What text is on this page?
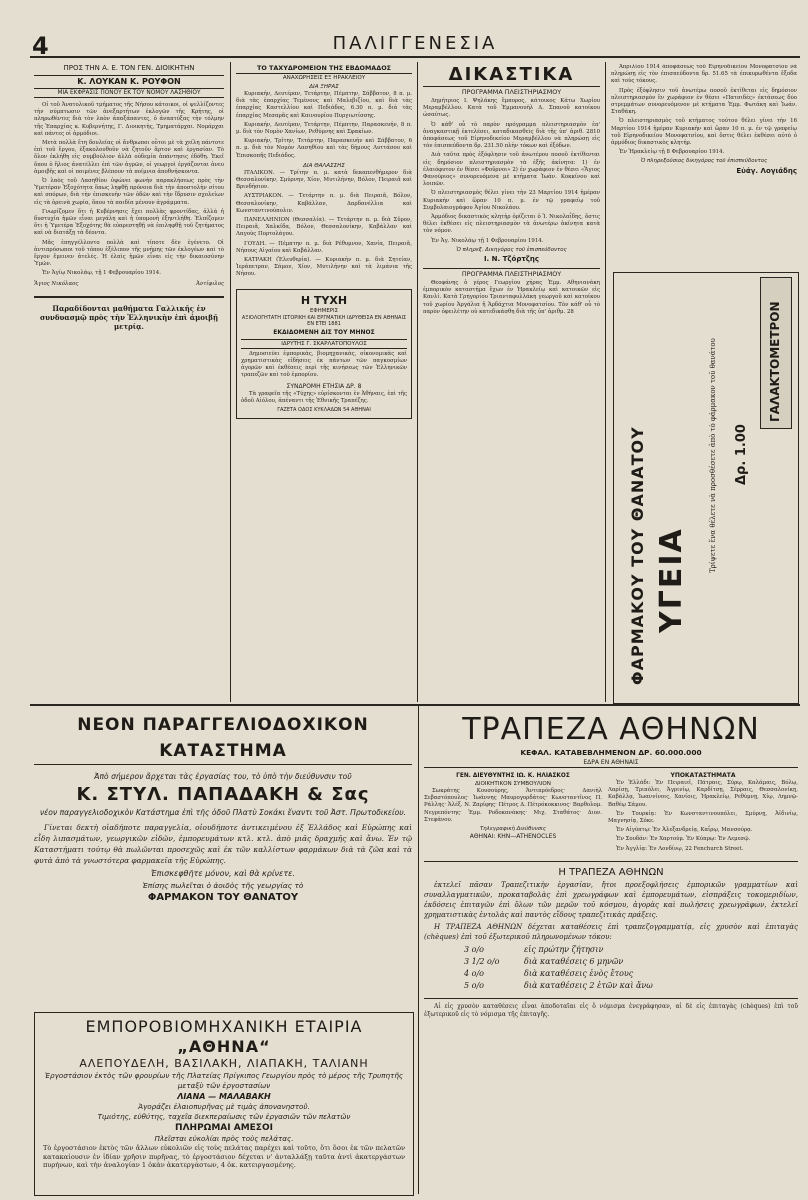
4	ΠΑΛΙΓΓΕΝΕΣΙΑ
ΠΡΟΣ ΤΗΝ Α. Ε. ΤΟΝ ΓΕΝ. ΔΙΟΙΚΗΤΗΝ
Κ. ΛΟΥΚΑΝ Κ. ΡΟΥΦΟΝ
ΜΙΑ ΕΚΦΡΑΣΙΣ ΠΟΝΟΥ ΕΚ ΤΟΥ ΝΟΜΟΥ ΛΑΣΗΘΙΟΥ

Οἱ τοῦ Ἀνατολικοῦ τμήματος τῆς Νήσου κάτοικοι, οἱ ψελλίζοντες τὴν σύμπτωσιν τῶν ἀνεξαρτήτων ἐκλογῶν τῆς Κρήτης, οἱ πληρωθέντες διὰ τὸν λαὸν ἀπαξάπαντες, ὁ ἀναπτύξας τὴν τόλμην τῆς Ἐπαρχίας κ. Κυβερνήτης, Γ. Διοικητὴς, Τμηματάρχαι. Νομάρχαι καὶ πάντες οἱ ἀρμόδιοι.

Μετὰ πολλὰ ἔτη δουλείας οἱ ἄνθρωποι οὗτοι μὲ τὰ χείλη πάντοτε ἐπὶ τοῦ ἔργου, ἐξακολουθοῦν νὰ ζητοῦν ἄρτον καὶ ἐργασίαν. Τὸ ὅλον ἐκλήθη εἰς συμβούλιον ἀλλὰ οὐδεμία ἀπάντησις ἐδόθη. Ἐκεῖ ὅπου ὁ ἥλιος ἀνατέλλει ἐπὶ τῶν ἀγρῶν, οἱ γεωργοὶ ἐργάζονται ἀνευ ἀμοιβῆς καὶ οἱ ποιμένες βλέπουν τὰ ποίμνια ἀποθνήσκοντα.

Ὁ λαὸς τοῦ Λασηθίου ὑψώνει φωνὴν παρακλήσεως πρὸς τὴν Ὑμετέραν Ἐξοχότητα ὅπως ληφθῇ πρόνοια διὰ τὴν ἀποστολὴν σίτου καὶ σπόρων, διὰ τὴν ἐπισκευὴν τῶν ὁδῶν καὶ τὴν ἵδρυσιν σχολείων εἰς τὰ ὀρεινὰ χωρία, ὅπου τὰ παιδία μένουν ἀγράμματα.

Γνωρίζομεν ὅτι ἡ Κυβέρνησις ἔχει πολλὰς φροντίδας, ἀλλὰ ἡ δυστυχία ἡμῶν εἶναι μεγάλη καὶ ἡ ὑπομονὴ ἐξηντλήθη. Ἐλπίζομεν ὅτι ἡ Ὑμετέρα Ἐξοχότης θὰ εὐαρεστηθῇ νὰ ἐπιληφθῇ τοῦ ζητήματος καὶ νὰ διατάξῃ τὰ δέοντα.

Μᾶς ἐπηγγέλλοντο πολλὰ καὶ τίποτε δὲν ἐγένετο. Οἱ ἀντιπρόσωποι τοῦ τόπου ἐξέλιπον τῆς μνήμης τῶν ἐκλογέων καὶ τὸ ἔργον ἔμεινεν ἀτελές. Ἡ ἐλπὶς ἡμῶν εἶναι εἰς τὴν δικαιοσύνην Ὑμῶν.

Ἐν Ἁγίῳ Νικολάῳ, τῇ 1 Φεβρουαρίου 1914.

Ἅγιος Νικόλαος	Ἀντίφιλος
Παραδίδονται μαθήματα Γαλλικῆς ἐν συνδυασμῷ πρὸς τὴν Ἑλληνικὴν ἐπὶ ἀμοιβῇ μετρίᾳ.
ΤΟ ΤΑΧΥΔΡΟΜΕΙΟΝ ΤΗΣ ΕΒΔΟΜΑΔΟΣ
ΑΝΑΧΩΡΗΣΕΙΣ ΕΞ ΗΡΑΚΛΕΙΟΥ
ΔΙΑ ΞΗΡΑΣ

Κυριακήν, Δευτέραν, Τετάρτην, Πέμπτην, Σάββατον, 8 π. μ. διὰ τὰς ἐπαρχίας Τεμένους καὶ Μαλεβιζίου, καὶ διὰ τὰς ἐπαρχίας Καστελλίου καὶ Πεδιάδος, 6.30 π. μ. διὰ τὰς ἐπαρχίας Μεσαρᾶς καὶ Καινουρίου Πυργιωτίσσης.

Κυριακήν, Δευτέραν, Τετάρτην, Πέμπτην, Παρασκευήν, 8 π. μ. διὰ τὸν Νομὸν Χανίων, Ρεθύμνης καὶ Σφακίων.

Κυριακήν, Τρίτην, Τετάρτην, Παρασκευήν καὶ Σάββατον, 6 π. μ. διὰ τὸν Νομὸν Λασηθίου καὶ τὰς δήμους Λυττάσου καὶ Ἐπισκοπῆς Πεδιάδος.

ΔΙΑ ΘΑΛΑΣΣΗΣ

ΙΤΑΛΙΚΟΝ. — Τρίτην π. μ. κατὰ δεκαπενθήμερον διὰ Θεσσαλονίκην, Σμύρνην, Χίον, Μυτιλήνην, Βόλον, Πειραιᾶ καὶ Βρινδήσιον.

ΑΥΣΤΡΙΑΚΟΝ. — Τετάρτην π. μ. διὰ Πειραιᾶ, Βόλον, Θεσσαλονίκην, Καβάλλαν, Δαρδανέλλια καὶ Κωνσταντινούπολιν.

ΠΑΝΕΛΛΗΝΙΟΝ (Θεσσαλία). — Τετάρτην π. μ. διὰ Σῦρον, Πειραιᾶ, Χαλκίδα, Βόλον, Θεσσαλονίκην, Καβάλλαν καὶ Λαγοὺς Πορτολάγου.

ΓΟΥΔΗ. — Πέμπτην π. μ. διὰ Ρέθυμνον, Χανία, Πειραιᾶ, Νήσους Αἰγαίου καὶ Καβάλλαν.

ΚΑΤΡΑΚΗ (Ἐλευθερία). — Κυριακὴν π. μ. διὰ Σητείαν, Ἱεράπετραν, Σάμον, Χίον, Μυτιλήνην καὶ τὰ λιμάνια τῆς Νήσου.

Η ΤΥΧΗ
ΕΦΗΜΕΡΙΣ
ΑΞΙΟΛΟΓΗΤΑΤΗ ΙΣΤΟΡΙΚΗ ΚΑΙ ΕΡΓΜΑΤΙΚΗ ΙΔΡΥΘΕΙΣΑ ΕΝ ΑΘΗΝΑΙΣ ΕΝ ΕΤΕΙ 1881
ΕΚΔΙΔΟΜΕΝΗ ΔΙΣ ΤΟΥ ΜΗΝΟΣ
ΙΔΡΥΤΗΣ Γ. ΣΚΑΡΛΑΤΟΠΟΥΛΟΣ

Δημοσιεύει ἐμπορικὰς, βιομηχανικὰς, οἰκονομικὰς καὶ χρηματιστικὰς εἰδήσεις ἐκ πάντων τῶν παγκοσμίων ἀγορῶν καὶ ἐκθέσεις περὶ τῆς κινήσεως τῶν Ἑλληνικῶν τραπεζῶν καὶ τοῦ ἐμπορίου.

ΣΥΝΔΡΟΜΗ ΕΤΗΣΙΑ ΔΡ. 8

Τὰ γραφεῖα τῆς «Τύχης» εὑρίσκονται ἐν Ἀθήναις, ἐπὶ τῆς ὁδοῦ Αἰόλου, ἀπέναντι τῆς Ἐθνικῆς Τραπέζης.

ΓΑΖΕΤΑ ΟΔΟΣ ΚΥΚΛΑΔΩΝ 54 ΑΘΗΝΑΙ
ΔΙΚΑΣΤΙΚΑ
ΠΡΟΓΡΑΜΜΑ ΠΛΕΙΣΤΗΡΙΑΣΜΟΥ

Δημήτριος Ι. Ψηλάκης ἔμπορος, κάτοικος Κάτω Χωρίου Μεραμβέλλου. Κατὰ τοῦ Ἐμμανουὴλ Δ. Σπανοῦ κατοίκου ὡσαύτως.

Ὁ κάθ' οὗ τὸ παρὸν πρόγραμμα πλειστηριασμὸν ἐπ' ἀναγκαστικῇ ἐκτελέσει, καταδικασθεὶς διὰ τῆς ὑπ' ἀριθ. 2810 ἀποφάσεως τοῦ Εἰρηνοδικείου Μεραμβέλλου νὰ πληρώσῃ εἰς τὸν ἐπισπεύδοντα δρ. 231.50 πλὴν τόκων καὶ ἐξόδων.

Διὰ ταῦτα πρὸς ἐξόφλησιν τοῦ ἀνωτέρου ποσοῦ ἐκτίθενται εἰς δημόσιον πλειστηριασμὸν τὰ ἑξῆς ἀκίνητα: 1) ἐν ἐλαιόφυτον ἐν θέσει «Φοῦρνοι» 2) ἐν χωράφιον ἐν θέσει «Ἅγιος Φανούριος» συνορευόμενα μὲ κτήματα Ἰωάν. Κοκκίνου καὶ λοιπῶν.

Ὁ πλειστηριασμὸς θέλει γίνει τὴν 23 Μαρτίου 1914 ἡμέραν Κυριακὴν καὶ ὥραν 10 π. μ. ἐν τῷ γραφείῳ τοῦ Συμβολαιογράφου Ἁγίου Νικολάου.

Ἀρμόδιος δικαστικὸς κλητὴρ ὁρίζεται ὁ Ἰ. Νικολαΐδης, ὅστις θέλει ἐκθέσει εἰς πλειστηριασμὸν τὰ ἀνωτέρω ἀκίνητα κατὰ τὸν νόμον.

Ἐν Ἁγ. Νικολάῳ τῇ 1 Φεβρουαρίου 1914.

Ὁ πληρεξ. Δικηγόρος τοῦ ἐπισπεύδοντος
Ι. Ν. Τζόρτζης
ΠΡΟΓΡΑΜΜΑ ΠΛΕΙΣΤΗΡΙΑΣΜΟΥ

Θεοφάνης ὁ γέρος Γεωργίου χήρας Ἐμμ. Αθηνιανάκη ἐμπορικὸν καταστήμα ἔχων ἐν Ἡρακλείῳ καὶ κατοικῶν εἰς Κανλί. Κατὰ Γρηγορίου Τριανταφυλλάκη γεωργοῦ καὶ κατοίκου τοῦ χωρίου Ἀργάλια ἢ Ἀρδάχτια Μονοφατσίου. Τὸν κάθ' οὗ τὸ παρὸν ὀφειλέτην οὐ κατεδικάσθη διὰ τῆς ὑπ' ἀριθμ. 28

Ἀπριλίου 1914 ἀποφάσεως τοῦ Εἰρηνοδικείου Μονοφατσίου νὰ πληρώσῃ εἰς τὸν ἐπισπεύδοντα δρ. 51.65 τὰ ἐπικυρωθέντα ἔξοδα καὶ τοὺς τόκους.

Πρὸς ἐξόφλησιν τοῦ ἀνωτέρω ποσοῦ ἐκτίθεται εἰς δημόσιον πλειστηριασμὸν ἓν χωράφιον ἐν θέσει «Πατσιδές» ἐκτάσεως δύο στρεμμάτων συνορευόμενον μὲ κτήματα Ἐμμ. Φωτάκη καὶ Ἰωάν. Σταθάκη.

Ὁ πλειστηριασμὸς τοῦ κτήματος τούτου θέλει γίνει τὴν 16 Μαρτίου 1914 ἡμέραν Κυριακὴν καὶ ὥραν 10 π. μ. ἐν τῷ γραφείῳ τοῦ Εἰρηνοδικείου Μονοφατσίου, καὶ ὅστις θέλει ἐκθέσει αὐτὸ ὁ ἀρμόδιος δικαστικὸς κλητήρ.

Ἐν Ἡρακλείῳ τῇ 8 Φεβρουαρίου 1914.

Ὁ πληρεξούσιος δικηγόρος τοῦ ἐπισπεύδοντος
Εὐάγ. Λογιάδης
ΦΑΡΜΑΚΟΥ ΤΟΥ ΘΑΝΑΤΟΥ ΥΓΕΙΑ
Τρίψετε ἕνα θέλετε νὰ προσθέσετε ἀπὸ τὸ φάρμακον τοῦ θανάτου Δρ. 1.00
ΓΑΛΑΚΤΟΜΕΤΡΟΝ
ΝΕΟΝ ΠΑΡΑΓΓΕΛΙΟΔΟΧΙΚΟΝ ΚΑΤΑΣΤΗΜΑ
Ἀπὸ σήμερον ἄρχεται τὰς ἐργασίας του, τὸ ὑπὸ τὴν διεύθυνσιν τοῦ
Κ. ΣΤΥΛ. ΠΑΠΑΔΑΚΗ & Σας
νέον παραγγελιοδοχικὸν Κατάστημα ἐπὶ τῆς ὁδοῦ Πλατὺ Σοκάκι ἔναντι τοῦ Ἀστ. Πρωτοδικείου.

Γίνεται δεκτὴ οἱαδήποτε παραγγελία, οἰουδήποτε ἀντικειμένου ἐξ Ἑλλάδος καὶ Εὐρώπης καὶ εἶδη λιπασμάτων, γεωργικῶν εἰδῶν, ἐμπορευμάτων κτλ. κτλ. ἀπὸ μιᾶς δραχμῆς καὶ ἄνω. Ἐν τῷ Καταστήματι τούτῳ θὰ πωλῶνται προσεχῶς καὶ ἐκ τῶν καλλίστων φαρμάκων διὰ τὰ ζῶα καὶ τὰ φυτὰ ἀπὸ τὰ γνωστότερα φαρμακεῖα τῆς Εὐρώπης.

Ἐπισκεφθῆτε μόνον, καὶ θὰ κρίνετε.
Ἐπίσης πωλεῖται ὁ ἀοιδὸς τῆς γεωργίας τὸ
ΦΑΡΜΑΚΟΝ ΤΟΥ ΘΑΝΑΤΟΥ
ΕΜΠΟΡΟΒΙΟΜΗΧΑΝΙΚΗ ΕΤΑΙΡΙΑ
„ΑΘΗΝΑ“
ΑΛΕΠΟΥΔΕΛΗ, ΒΑΣΙΛΑΚΗ, ΛΙΑΠΑΚΗ, ΤΑΛΙΑΝΗ
Ἐργοστάσιον ἐκτὸς τῶν φρουρίων τῆς Πλατείας Πρίγκιπος Γεωργίου πρὸς τὸ μέρος τῆς Τρυπητῆς μεταξὺ τῶν ἐργοστασίων
ΛΙΑΝΑ — ΜΑΛΑΒΑΚΗ
Ἀγοράζει ἐλαιοπυρῆνας μὲ τιμὰς ἀπονανηστοῦ.
Τιμιότης, εὐθύτης, ταχεῖα διεκπεραίωσις τῶν ἐργασιῶν τῶν πελατῶν
ΠΛΗΡΩΜΑΙ ΑΜΕΣΟΙ
Πλεῖσται εὐκολίαι πρὸς τοὺς πελάτας.

Τὸ ἐργοστάσιον ἐκτὸς τῶν ἄλλων εὐκολιῶν εἰς τοὺς πελάτας παρέχει καὶ τοῦτο, ὅτι ὅσοι ἐκ τῶν πελατῶν κατακαίουσιν ἐν ἰδίαν χρῆσιν πυρῆνας, τὸ ἐργοστάσιον δέχεται ν' ἀνταλλάξῃ ταῦτα ἀντὶ ἀκατεργάστων πυρήνων, καὶ τὴν ἀναλογίαν 1 ὀκὰν ἀκατεργάστων, 4 ὀκ. κατειργασμένης.

ΤΡΑΠΕΖΑ ΑΘΗΝΩΝ
ΚΕΦΑΛ. ΚΑΤΑΒΕΒΛΗΜΕΝΟΝ ΔΡ. 60.000.000
ΕΔΡΑ ΕΝ ΑΘΗΝΑΙΣ
ΓΕΝ. ΔΙΕΥΘΥΝΤΗΣ ΙΩ. Κ. ΗΛΙΑΣΚΟΣ
ΔΙΟΙΚΗΤΙΚΟΝ ΣΥΜΒΟΥΛΙΟΝ

Σωκράτης Κουσούρης, Ἀντιπρόεδρος· Δανιὴλ Σεβαστόπουλος· Ἰωάννης Μαυρογορδάτος· Κωνσταντῖνος Π. Ράλλης· Ἀλέξ. Ν. Ζαρίφης· Πέτρος Δ. Πέτρόκοκκινος· Βαρθολομ. Νεγρεπόντης· Ἐμμ. Ροδοκανάκης· Μιχ. Σταθάτος· Διον. Στεφάνου.

Τηλεγραφικὴ Διεύθυνσις
ΑΘΗΝΑΙ: ΚΗΝ—ATHENOCLES
ΥΠΟΚΑΤΑΣΤΗΜΑΤΑ

Ἐν Ἑλλάδι: Ἐν Πειραιεῖ, Πάτραις, Σύρῳ, Καλάμαις, Βόλῳ, Λαρίσῃ, Τριπόλει, Ἀγρινίῳ, Καρδίτσῃ, Σέρραις, Θεσσαλονίκῃ, Καβάλλᾳ, Ἰωαννίνοις, Χανίοις, Ἡρακλείῳ, Ρεθύμνῃ, Χίῳ, Λημνῷ-Βαθέῳ Σάμου.

Ἐν Τουρκίᾳ: Ἐν Κωνσταντινουπόλει, Σμύρνῃ, Ἀϊδινίῳ, Μαγνησίᾳ, Σόκε.

Ἐν Αἰγύπτῳ: Ἐν Ἀλεξανδρείᾳ, Καΐρῳ, Μανσούρᾳ.

Ἐν Σουδάν: Ἐν Χαρτούμ. Ἐν Κύπρῳ: Ἐν Λεμεσῷ.

Ἐν Ἀγγλίᾳ: Ἐν Λονδίνῳ, 22 Fenchurch Street.

Η ΤΡΑΠΕΖΑ ΑΘΗΝΩΝ

ἐκτελεῖ πᾶσαν Τραπεζιτικὴν ἐργασίαν, ἤτοι προεξοφλήσεις ἐμπορικῶν γραμματίων καὶ συναλλαγματικῶν, προκαταβολὰς ἐπὶ χρεωγράφων καὶ ἐμπορευμάτων, εἰσπράξεις τοκομεριδίων, ἐκδόσεις ἐπιταγῶν ἐπὶ ὅλων τῶν μερῶν τοῦ κόσμου, ἀγορὰς καὶ πωλήσεις χρεωγράφων, ἐκτελεῖ χρηματιστικὰς ἐντολὰς καὶ παντὸς εἴδους τραπεζιτικὰς πράξεις.

Η ΤΡΑΠΕΖΑ ΑΘΗΝΩΝ δέχεται καταθέσεις ἐπὶ τραπεζογραμματίᾳ, εἰς χρυσὸν καὶ ἐπιταγὰς (chèques) ἐπὶ τοῦ ἐξωτερικοῦ πληρωνομένων τόκου:

3 ο/ο	εἰς πρώτην ζήτησιν
3 1/2 ο/ο	διὰ καταθέσεις 6 μηνῶν
4 ο/ο	διὰ καταθέσεις ἑνὸς ἔτους
5 ο/ο	διὰ καταθέσεις 2 ἐτῶν καὶ ἄνω

Αἱ εἰς χρυσὸν καταθέσεις εἶναι ἀποδοταῖαι εἰς ὃ νόμισμα ἐνεγράφησαν, αἱ δὲ εἰς ἐπιταγὰς (chèques) ἐπὶ τοῦ ἐξωτερικοῦ εἰς τὸ νόμισμα τῆς ἐπιταγῆς.
